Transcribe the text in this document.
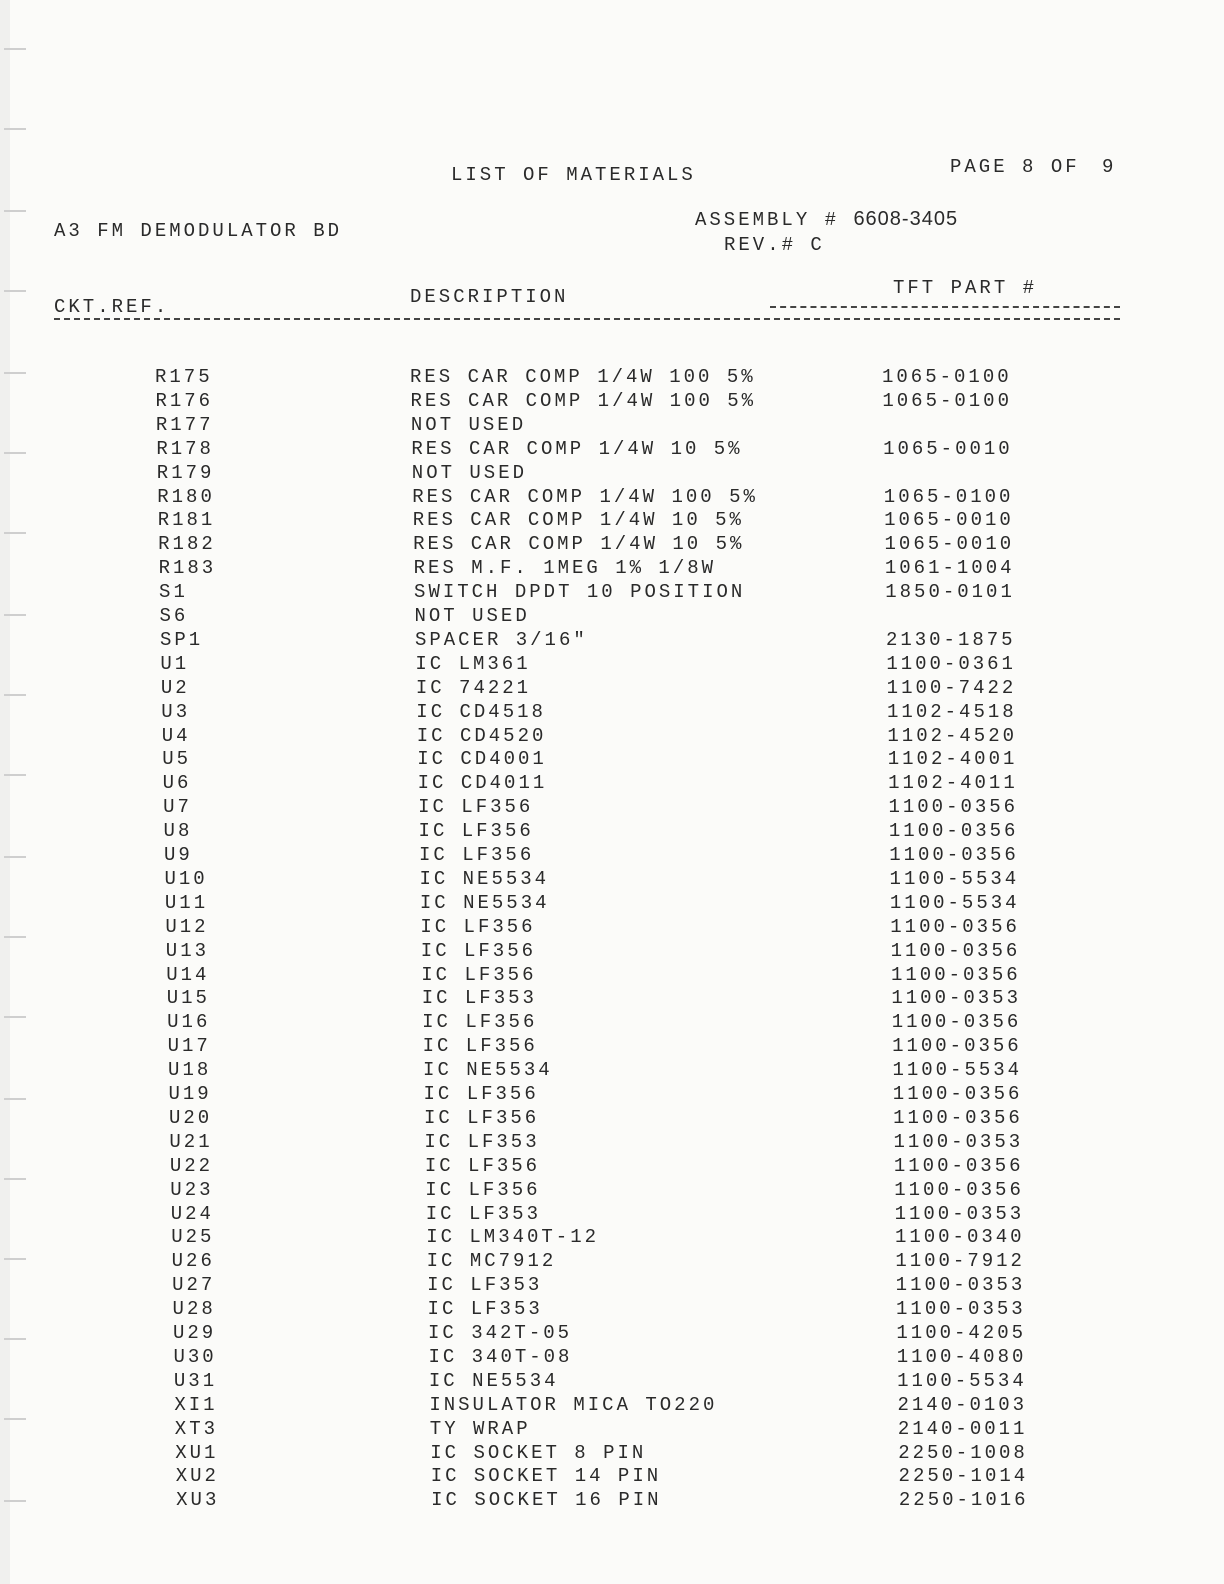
LIST OF MATERIALS	PAGE 8 OF 9
A3 FM DEMODULATOR BD	ASSEMBLY # 6608-3405
REV.# C
CKT.REF.	DESCRIPTION	TFT PART #
R175	RES CAR COMP 1/4W 100 5%	1065-0100
R176	RES CAR COMP 1/4W 100 5%	1065-0100
R177	NOT USED
R178	RES CAR COMP 1/4W 10 5%	1065-0010
R179	NOT USED
R180	RES CAR COMP 1/4W 100 5%	1065-0100
R181	RES CAR COMP 1/4W 10 5%	1065-0010
R182	RES CAR COMP 1/4W 10 5%	1065-0010
R183	RES M.F. 1MEG 1% 1/8W	1061-1004
S1	SWITCH DPDT 10 POSITION	1850-0101
S6	NOT USED
SP1	SPACER 3/16"	2130-1875
U1	IC LM361	1100-0361
U2	IC 74221	1100-7422
U3	IC CD4518	1102-4518
U4	IC CD4520	1102-4520
U5	IC CD4001	1102-4001
U6	IC CD4011	1102-4011
U7	IC LF356	1100-0356
U8	IC LF356	1100-0356
U9	IC LF356	1100-0356
U10	IC NE5534	1100-5534
U11	IC NE5534	1100-5534
U12	IC LF356	1100-0356
U13	IC LF356	1100-0356
U14	IC LF356	1100-0356
U15	IC LF353	1100-0353
U16	IC LF356	1100-0356
U17	IC LF356	1100-0356
U18	IC NE5534	1100-5534
U19	IC LF356	1100-0356
U20	IC LF356	1100-0356
U21	IC LF353	1100-0353
U22	IC LF356	1100-0356
U23	IC LF356	1100-0356
U24	IC LF353	1100-0353
U25	IC LM340T-12	1100-0340
U26	IC MC7912	1100-7912
U27	IC LF353	1100-0353
U28	IC LF353	1100-0353
U29	IC 342T-05	1100-4205
U30	IC 340T-08	1100-4080
U31	IC NE5534	1100-5534
XI1	INSULATOR MICA TO220	2140-0103
XT3	TY WRAP	2140-0011
XU1	IC SOCKET 8 PIN	2250-1008
XU2	IC SOCKET 14 PIN	2250-1014
XU3	IC SOCKET 16 PIN	2250-1016
